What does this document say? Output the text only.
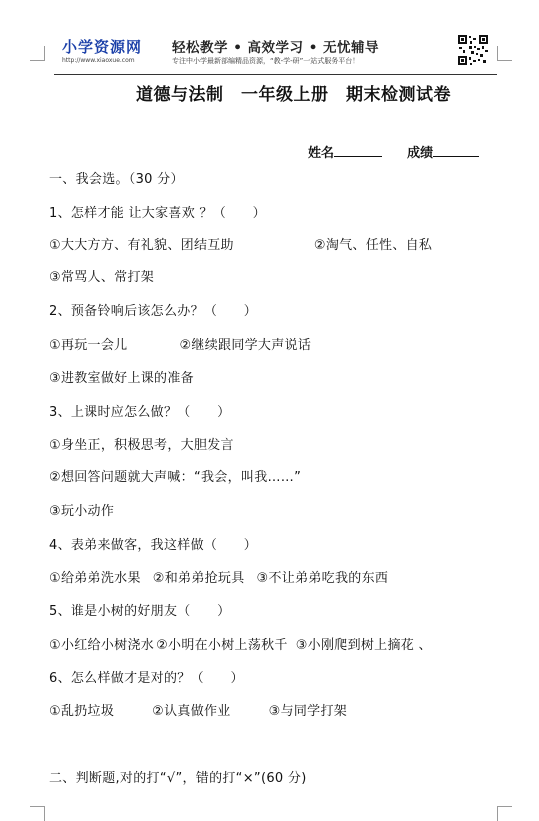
小学资源网
http://www.xiaoxue.com
轻松教学 • 高效学习 • 无忧辅导
专注中小学最新部编精品资源，“教-学-研”一站式服务平台！
道德与法制　一年级上册　期末检测试卷
姓名	成绩
一、我会选。（30 分）
1、怎样才能 让大家喜欢 ？（　　）
①大大方方、有礼貌、团结互助	②淘气、任性、自私
③常骂人、常打架
2、预备铃响后该怎么办？（　　）
①再玩一会儿	②继续跟同学大声说话
③进教室做好上课的准备
3、上课时应怎么做？（　　）
①身坐正，积极思考，大胆发言
②想回答问题就大声喊：“我会，叫我……”
③玩小动作
4、表弟来做客，我这样做（　　）
①给弟弟洗水果 ②和弟弟抢玩具 ③不让弟弟吃我的东西
5、谁是小树的好朋友（　　）
①小红给小树浇水 ②小明在小树上荡秋千 ③小刚爬到树上摘花 、
6、怎么样做才是对的？（　　）
①乱扔垃圾	②认真做作业	③与同学打架
二、判断题,对的打“√”，错的打“×”(60 分)
